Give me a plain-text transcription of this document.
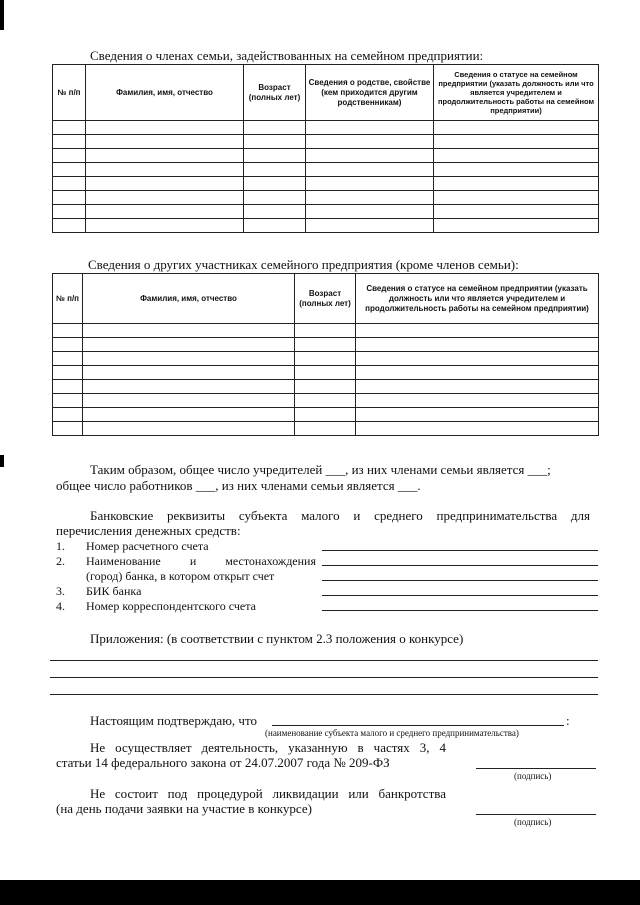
Сведения о членах семьи, задействованных на семейном предприятии:
№ п/п	Фамилия, имя, отчество	Возраст (полных лет)	Сведения о родстве, свойстве (кем приходится другим родственникам)	Сведения о статусе на семейном предприятии (указать должность или что является учредителем и продолжительность работы на семейном предприятии)

Сведения о других участниках семейного предприятия (кроме членов семьи):
№ п/п	Фамилия, имя, отчество	Возраст (полных лет)	Сведения о статусе на семейном предприятии (указать должность или что является учредителем и продолжительность работы на семейном предприятии)

Таким образом, общее число учредителей ___, из них членами семьи является ___;
общее число работников ___, из них членами семьи является ___.
Банковские реквизиты субъекта малого и среднего предпринимательства для
перечисления денежных средств:
1. Номер расчетного счета
2. Наименование и местонахождения
(город) банка, в котором открыт счет
3. БИК банка
4. Номер корреспондентского счета
Приложения: (в соответствии с пунктом 2.3 положения о конкурсе)
Настоящим подтверждаю, что	:
(наименование субъекта малого и среднего предпринимательства)
Не осуществляет деятельность, указанную в частях 3, 4
статьи 14 федерального закона от 24.07.2007 года № 209-ФЗ
(подпись)
Не состоит под процедурой ликвидации или банкротства
(на день подачи заявки на участие в конкурсе)
(подпись)
